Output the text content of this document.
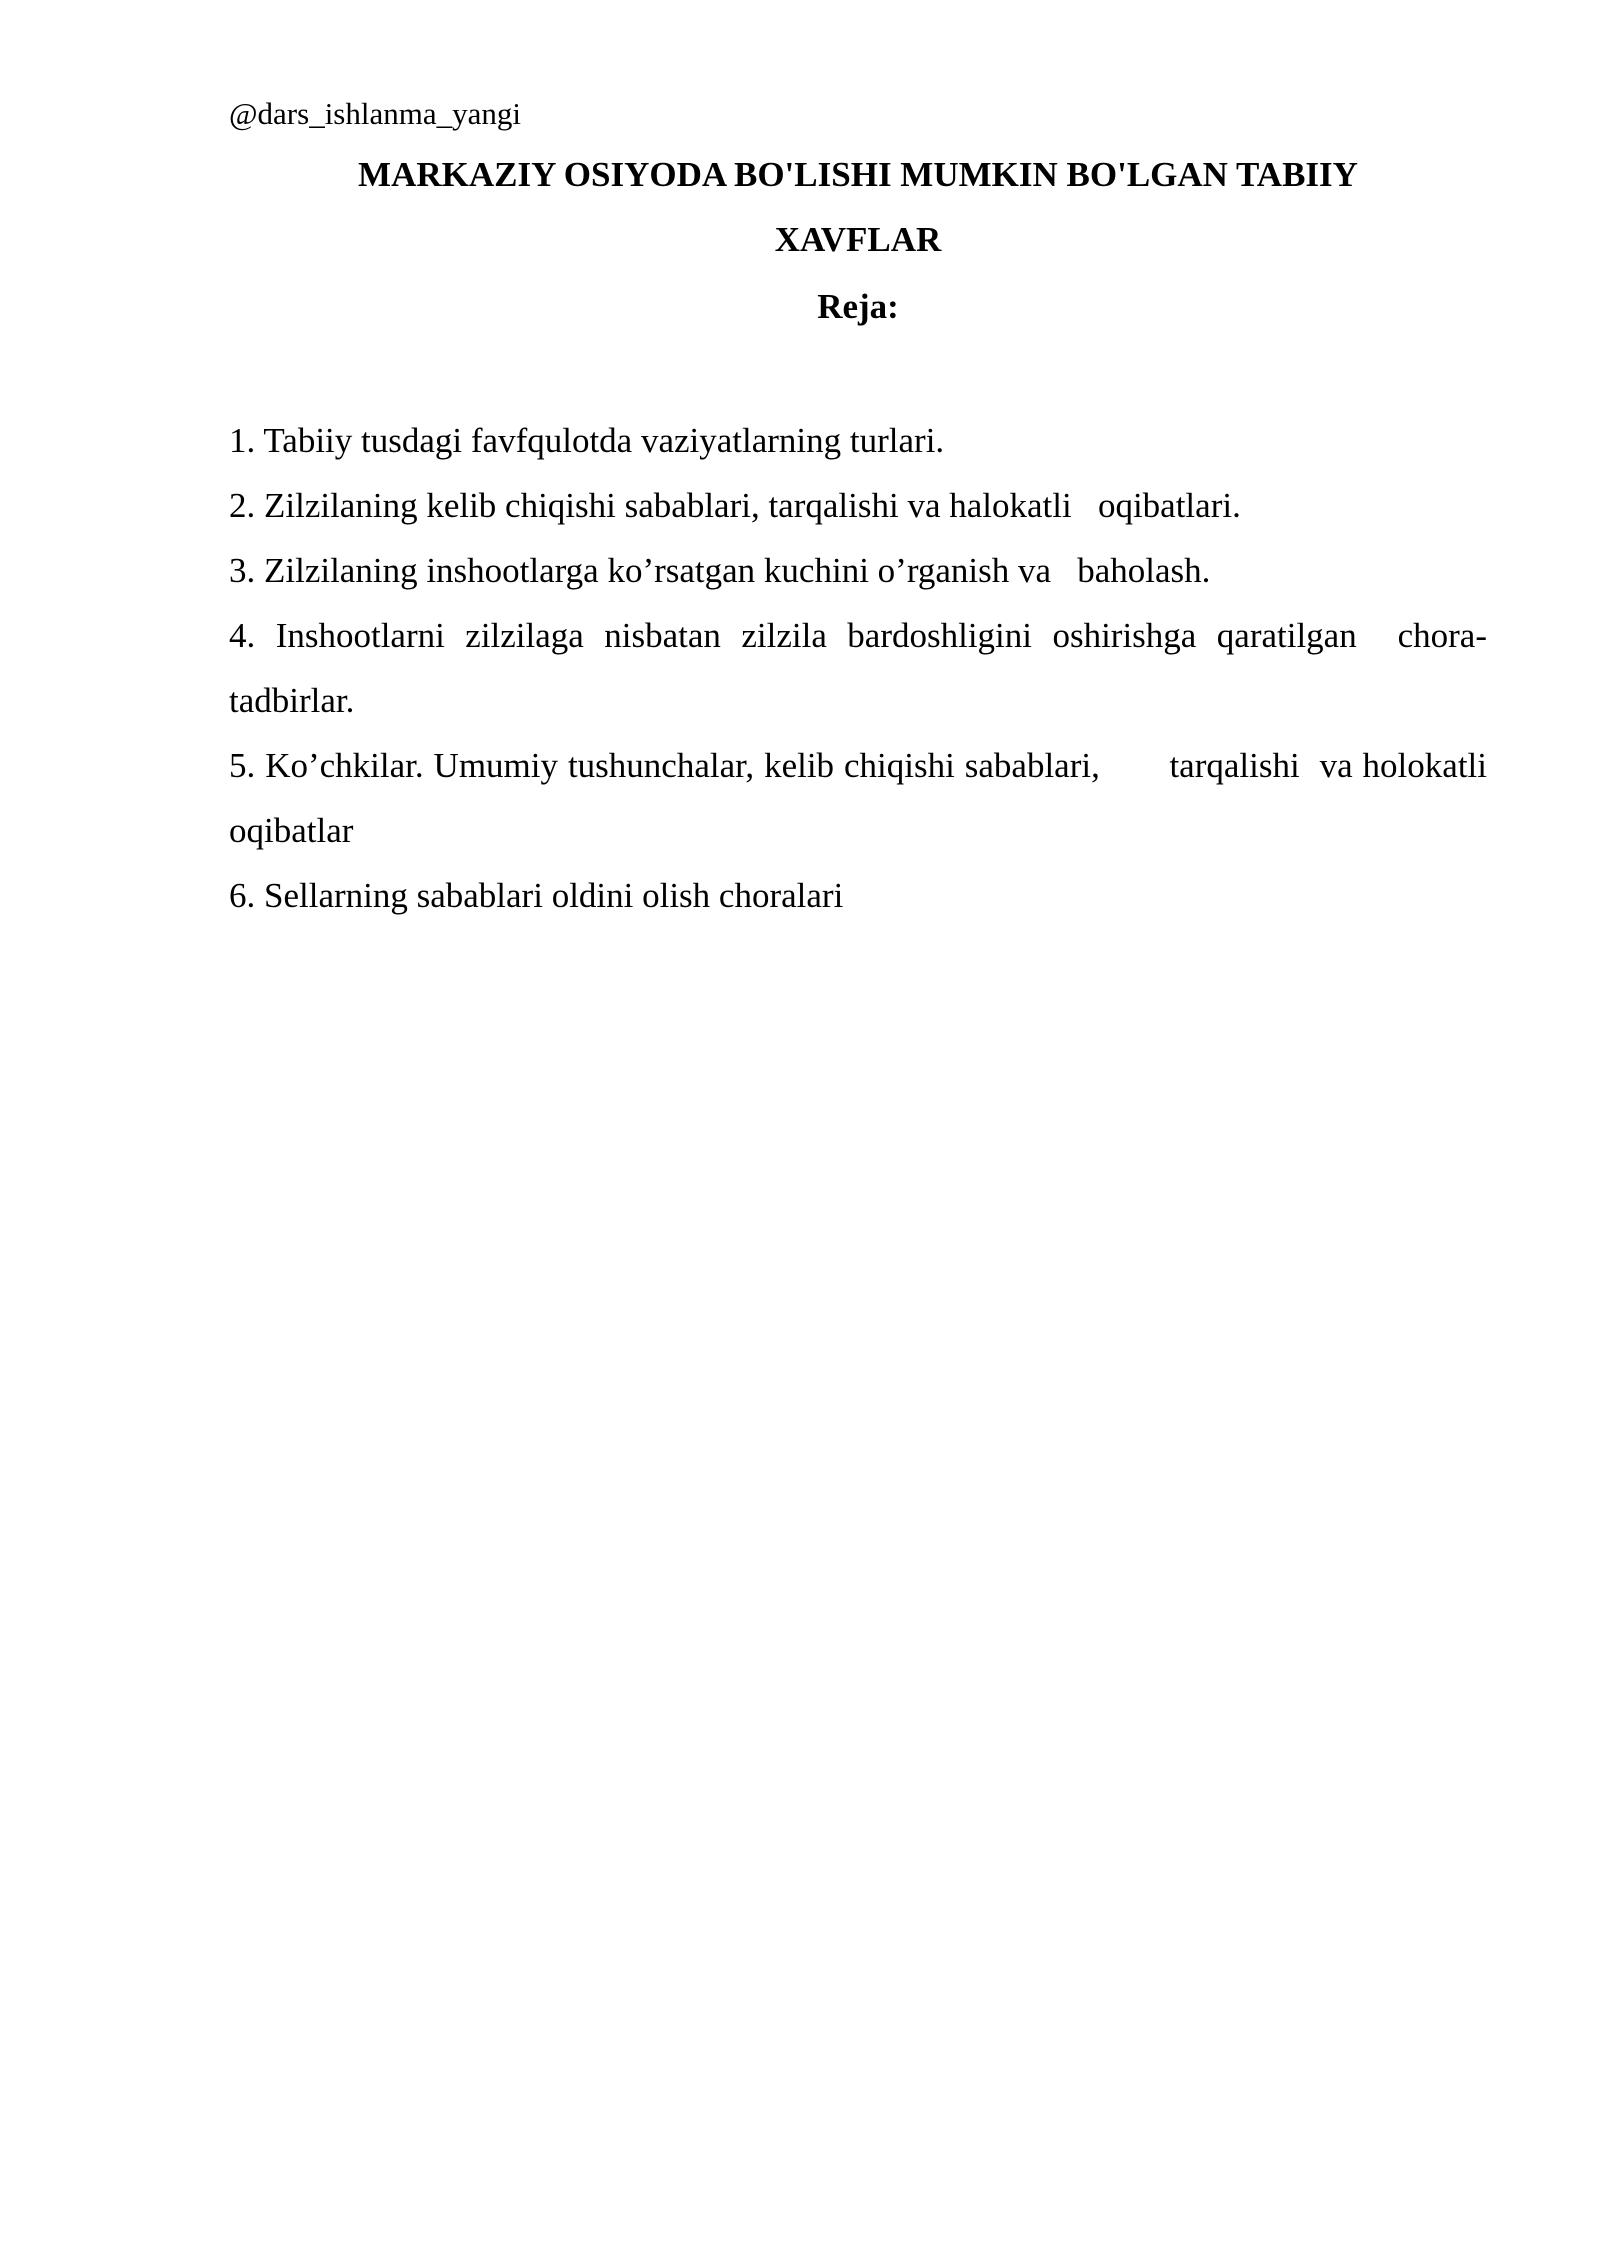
@dars_ishlanma_yangi
MARKAZIY OSIYODA BO'LISHI MUMKIN BO'LGAN TABIIY
XAVFLAR
Reja:

1. Tabiiy tusdagi favfqulotda vaziyatlarning turlari.

2. Zilzilaning kelib chiqishi sabablari, tarqalishi va halokatli   oqibatlari.

3. Zilzilaning inshootlarga ko’rsatgan kuchini o’rganish va   baholash.

4. Inshootlarni zilzilaga nisbatan zilzila bardoshligini oshirishga qaratilgan  chora-tadbirlar.

5. Ko’chkilar. Umumiy tushunchalar, kelib chiqishi sabablari,       tarqalishi  va holokatli oqibatlar

6. Sellarning sabablari oldini olish choralari
